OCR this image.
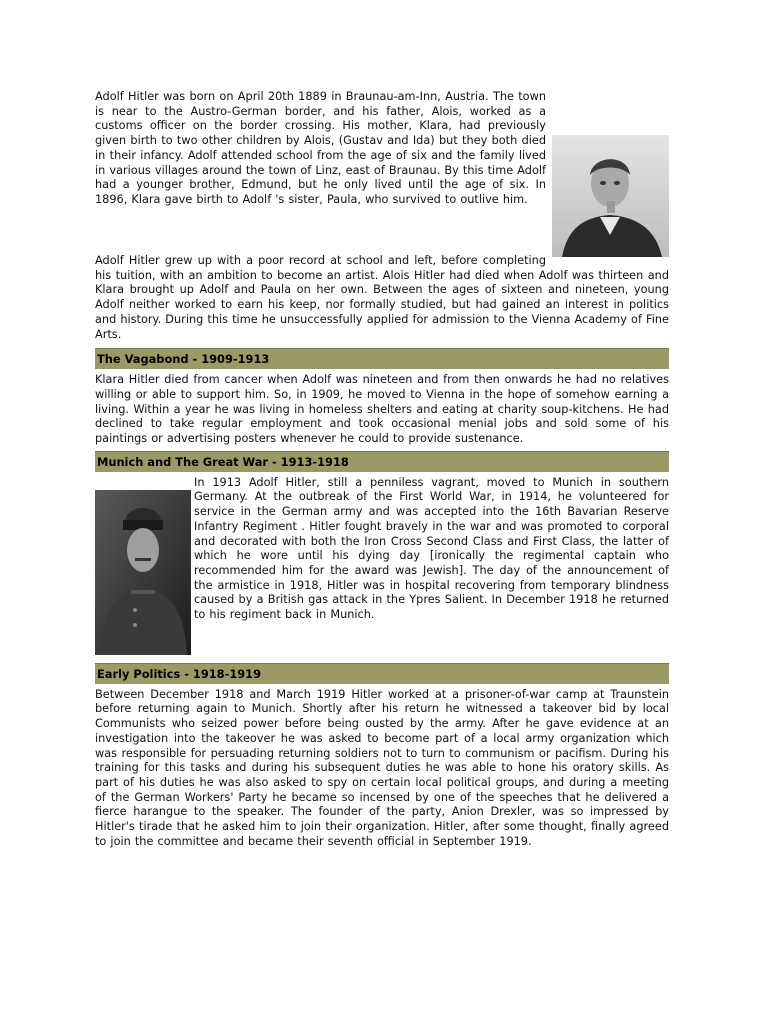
Adolf Hitler was born on April 20th 1889 in Braunau-am-Inn, Austria. The town is near to the Austro-German border, and his father, Alois, worked as a customs officer on the border crossing. His mother, Klara, had previously given birth to two other children by Alois, (Gustav and Ida) but they both died in their infancy. Adolf attended school from the age of six and the family lived in various villages around the town of Linz, east of Braunau. By this time Adolf had a younger brother, Edmund, but he only lived until the age of six. In 1896, Klara gave birth to Adolf 's sister, Paula, who survived to outlive him.

Adolf Hitler grew up with a poor record at school and left, before completing his tuition, with an ambition to become an artist. Alois Hitler had died when Adolf was thirteen and Klara brought up Adolf and Paula on her own. Between the ages of sixteen and nineteen, young Adolf neither worked to earn his keep, nor formally studied, but had gained an interest in politics and history. During this time he unsuccessfully applied for admission to the Vienna Academy of Fine Arts.

The Vagabond - 1909-1913

Klara Hitler died from cancer when Adolf was nineteen and from then onwards he had no relatives willing or able to support him. So, in 1909, he moved to Vienna in the hope of somehow earning a living. Within a year he was living in homeless shelters and eating at charity soup-kitchens. He had declined to take regular employment and took occasional menial jobs and sold some of his paintings or advertising posters whenever he could to provide sustenance.

Munich and The Great War - 1913-1918

In 1913 Adolf Hitler, still a penniless vagrant, moved to Munich in southern Germany. At the outbreak of the First World War, in 1914, he volunteered for service in the German army and was accepted into the 16th Bavarian Reserve Infantry Regiment . Hitler fought bravely in the war and was promoted to corporal and decorated with both the Iron Cross Second Class and First Class, the latter of which he wore until his dying day [ironically the regimental captain who recommended him for the award was Jewish]. The day of the announcement of the armistice in 1918, Hitler was in hospital recovering from temporary blindness caused by a British gas attack in the Ypres Salient. In December 1918 he returned to his regiment back in Munich.

Early Politics - 1918-1919

Between December 1918 and March 1919 Hitler worked at a prisoner-of-war camp at Traunstein before returning again to Munich. Shortly after his return he witnessed a takeover bid by local Communists who seized power before being ousted by the army. After he gave evidence at an investigation into the takeover he was asked to become part of a local army organization which was responsible for persuading returning soldiers not to turn to communism or pacifism. During his training for this tasks and during his subsequent duties he was able to hone his oratory skills. As part of his duties he was also asked to spy on certain local political groups, and during a meeting of the German Workers' Party he became so incensed by one of the speeches that he delivered a fierce harangue to the speaker. The founder of the party, Anion Drexler, was so impressed by Hitler's tirade that he asked him to join their organization. Hitler, after some thought, finally agreed to join the committee and became their seventh official in September 1919.
